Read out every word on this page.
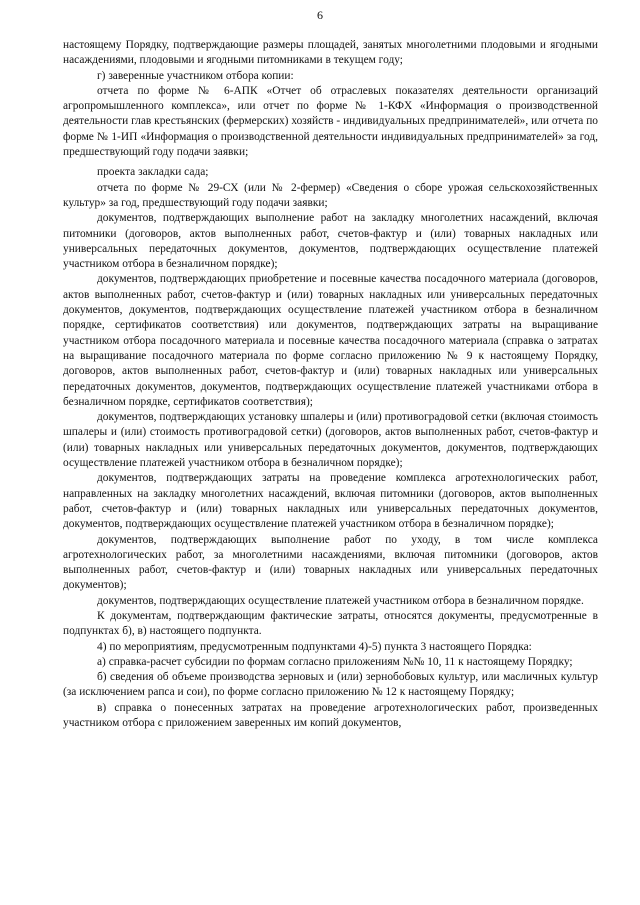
6

настоящему Порядку, подтверждающие размеры площадей, занятых многолетними плодовыми и ягодными насаждениями, плодовыми и ягодными питомниками в текущем году;

г) заверенные участником отбора копии:

отчета по форме № 6-АПК «Отчет об отраслевых показателях деятельности организаций агропромышленного комплекса», или отчет по форме № 1-КФХ «Информация о производственной деятельности глав крестьянских (фермерских) хозяйств - индивидуальных предпринимателей», или отчета по форме № 1-ИП «Информация о производственной деятельности индивидуальных предпринимателей» за год, предшествующий году подачи заявки;

проекта закладки сада;

отчета по форме № 29-СХ (или № 2-фермер) «Сведения о сборе урожая сельскохозяйственных культур» за год, предшествующий году подачи заявки;

документов, подтверждающих выполнение работ на закладку многолетних насаждений, включая питомники (договоров, актов выполненных работ, счетов-фактур и (или) товарных накладных или универсальных передаточных документов, документов, подтверждающих осуществление платежей участником отбора в безналичном порядке);

документов, подтверждающих приобретение и посевные качества посадочного материала (договоров, актов выполненных работ, счетов-фактур и (или) товарных накладных или универсальных передаточных документов, документов, подтверждающих осуществление платежей участником отбора в безналичном порядке, сертификатов соответствия) или документов, подтверждающих затраты на выращивание участником отбора посадочного материала и посевные качества посадочного материала (справка о затратах на выращивание посадочного материала по форме согласно приложению № 9 к настоящему Порядку, договоров, актов выполненных работ, счетов-фактур и (или) товарных накладных или универсальных передаточных документов, документов, подтверждающих осуществление платежей участниками отбора в безналичном порядке, сертификатов соответствия);

документов, подтверждающих установку шпалеры и (или) противоградовой сетки (включая стоимость шпалеры и (или) стоимость противоградовой сетки) (договоров, актов выполненных работ, счетов-фактур и (или) товарных накладных или универсальных передаточных документов, документов, подтверждающих осуществление платежей участником отбора в безналичном порядке);

документов, подтверждающих затраты на проведение комплекса агротехнологических работ, направленных на закладку многолетних насаждений, включая питомники (договоров, актов выполненных работ, счетов-фактур и (или) товарных накладных или универсальных передаточных документов, документов, подтверждающих осуществление платежей участником отбора в безналичном порядке);

документов, подтверждающих выполнение работ по уходу, в том числе комплекса агротехнологических работ, за многолетними насаждениями, включая питомники (договоров, актов выполненных работ, счетов-фактур и (или) товарных накладных или универсальных передаточных документов);

документов, подтверждающих осуществление платежей участником отбора в безналичном порядке.

К документам, подтверждающим фактические затраты, относятся документы, предусмотренные в подпунктах б), в) настоящего подпункта.

4) по мероприятиям, предусмотренным подпунктами 4)-5) пункта 3 настоящего Порядка:

а) справка-расчет субсидии по формам согласно приложениям №№ 10, 11 к настоящему Порядку;

б) сведения об объеме производства зерновых и (или) зернобобовых культур, или масличных культур (за исключением рапса и сои), по форме согласно приложению № 12 к настоящему Порядку;

в) справка о понесенных затратах на проведение агротехнологических работ, произведенных участником отбора с приложением заверенных им копий документов,
